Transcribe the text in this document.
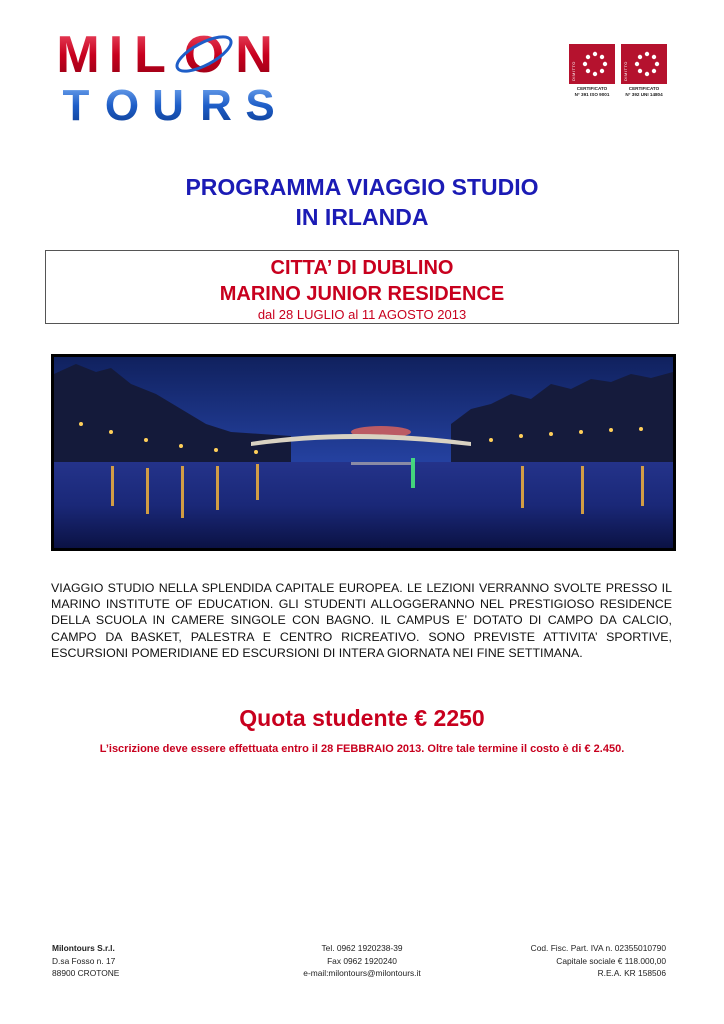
M I L O N
T O U R S
DIMITTO
CERTIFICATO
N° 391 ISO 9001
DIMITTO
CERTIFICATO
N° 392 UNI 14804
PROGRAMMA VIAGGIO STUDIO
IN IRLANDA
CITTA’ DI DUBLINO
MARINO JUNIOR RESIDENCE
dal 28 LUGLIO al 11 AGOSTO 2013
VIAGGIO STUDIO NELLA SPLENDIDA CAPITALE EUROPEA. LE LEZIONI VERRANNO SVOLTE PRESSO IL MARINO INSTITUTE OF EDUCATION. GLI STUDENTI ALLOGGERANNO NEL PRESTIGIOSO RESIDENCE DELLA SCUOLA IN CAMERE SINGOLE CON BAGNO. IL CAMPUS E’ DOTATO DI CAMPO DA CALCIO, CAMPO DA BASKET, PALESTRA E CENTRO RICREATIVO. SONO PREVISTE ATTIVITA’ SPORTIVE, ESCURSIONI POMERIDIANE ED ESCURSIONI DI INTERA GIORNATA NEI FINE SETTIMANA.
Quota studente € 2250
L’iscrizione deve essere effettuata entro il 28 FEBBRAIO 2013. Oltre tale termine il costo è di € 2.450.
Milontours S.r.l.
D.sa Fosso n. 17
88900 CROTONE
Tel. 0962 1920238-39
Fax 0962 1920240
e-mail:milontours@milontours.it
Cod. Fisc. Part. IVA n. 02355010790
Capitale sociale € 118.000,00
R.E.A. KR 158506
